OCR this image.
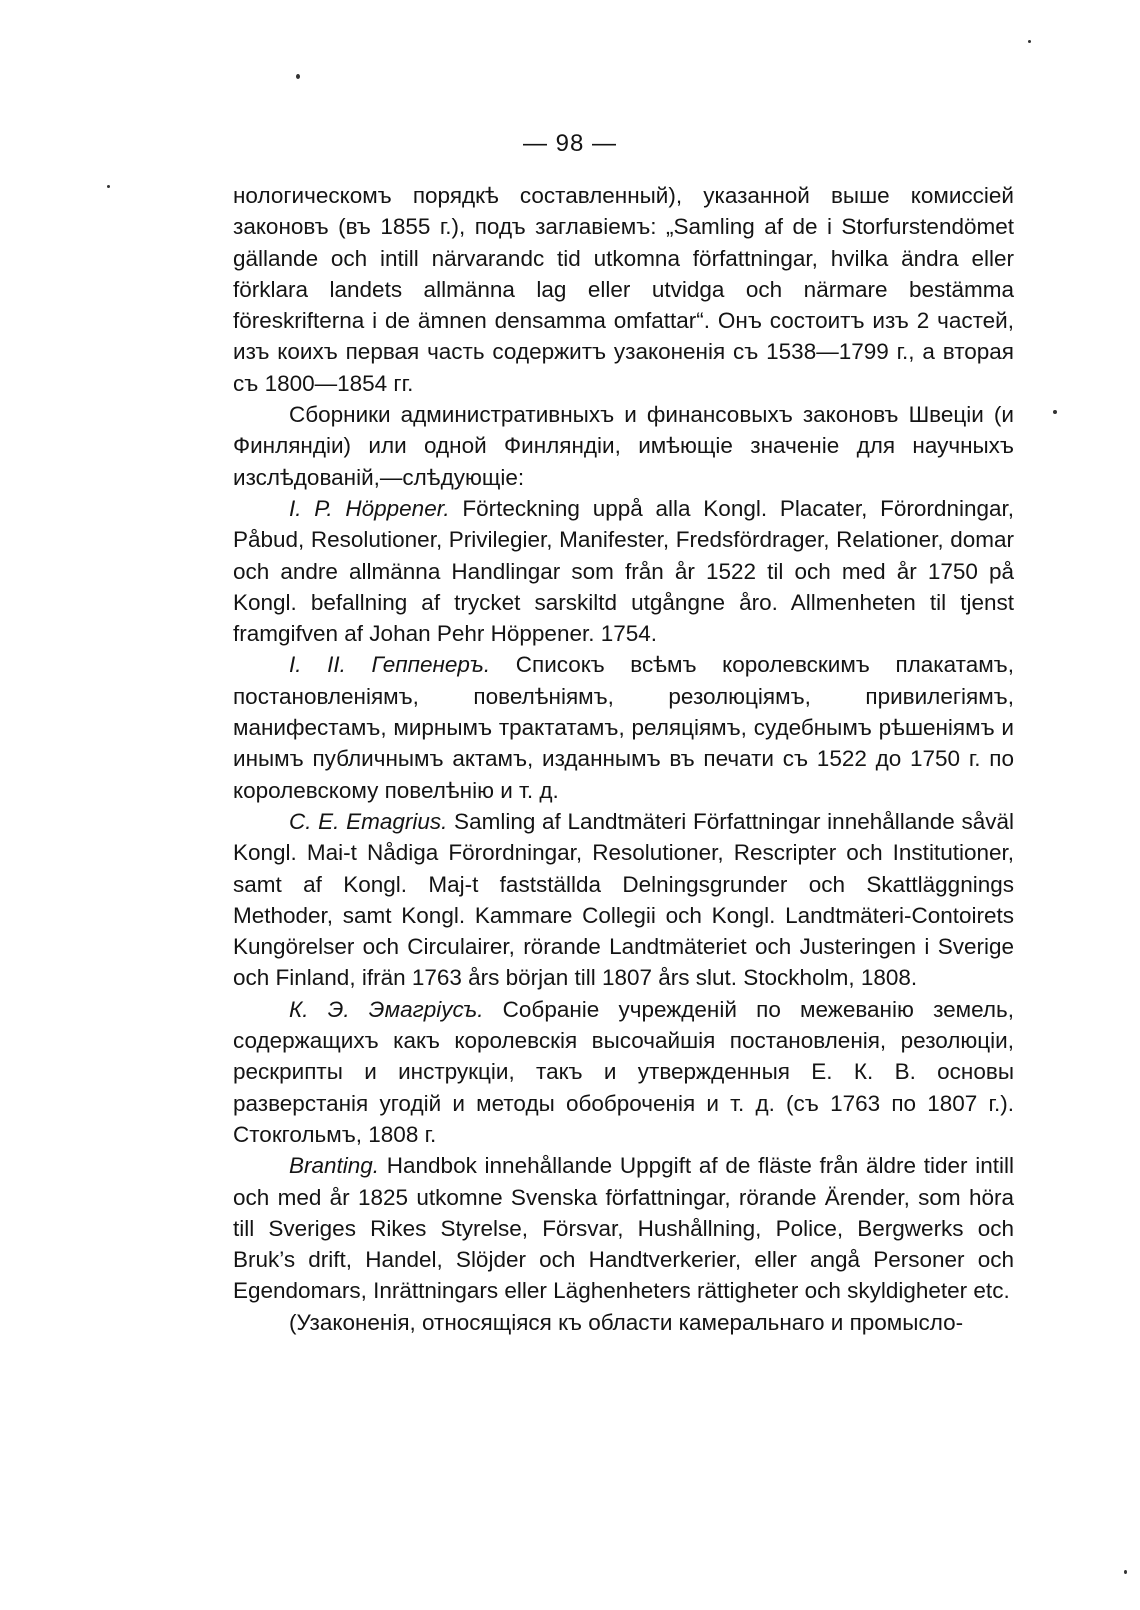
— 98 —

нологическомъ порядкѣ составленный), указанной выше комиссіей законовъ (въ 1855 г.), подъ заглавіемъ: „Samling af de i Storfurstendömet gällande och intill närvarandc tid utkomna författningar, hvilka ändra eller förklara landets allmänna lag eller utvidga och närmare bestämma föreskrifterna i de ämnen densamma omfattar“. Онъ состоитъ изъ 2 частей, изъ коихъ первая часть содержитъ узаконенія съ 1538—1799 г., а вторая съ 1800—1854 гг.

Сборники административныхъ и финансовыхъ законовъ Швеціи (и Финляндіи) или одной Финляндіи, имѣющіе значеніе для научныхъ изслѣдованій,—слѣдующіе:

I. P. Höppener. Förteckning uppå alla Kongl. Placater, Förordningar, Påbud, Resolutioner, Privilegier, Manifester, Fredsfördrager, Relationer, domar och andre allmänna Handlingar som från år 1522 til och med år 1750 på Kongl. befallning af trycket sarskiltd utgångne åro. Allmenheten til tjenst framgifven af Johan Pehr Höppener. 1754.

I. II. Геппенеръ. Списокъ всѣмъ королевскимъ плакатамъ, постановленіямъ, повелѣніямъ, резолюціямъ, привилегіямъ, манифестамъ, мирнымъ трактатамъ, реляціямъ, судебнымъ рѣшеніямъ и инымъ публичнымъ актамъ, изданнымъ въ печати съ 1522 до 1750 г. по королевскому повелѣнію и т. д.

C. E. Emagrius. Samling af Landtmäteri Författningar innehållande såväl Kongl. Mai-t Nådiga Förordningar, Resolutioner, Rescripter och Institutioner, samt af Kongl. Maj-t fastställda Delningsgrunder och Skattläggnings Methoder, samt Kongl. Kammare Collegii och Kongl. Landtmäteri-Contoirets Kungörelser och Circulairer, rörande Landtmäteriet och Justeringen i Sverige och Finland, ifrän 1763 års början till 1807 års slut. Stockholm, 1808.

К. Э. Эмагріусъ. Собраніе учрежденій по межеванію земель, содержащихъ какъ королевскія высочайшія постановленія, резолюціи, рескрипты и инструкціи, такъ и утвержденныя Е. К. В. основы разверстанія угодій и методы обоброченія и т. д. (съ 1763 по 1807 г.). Стокгольмъ, 1808 г.

Branting. Handbok innehållande Uppgift af de fläste från äldre tider intill och med år 1825 utkomne Svenska författningar, rörande Ärender, som höra till Sveriges Rikes Styrelse, Försvar, Hushållning, Police, Bergwerks och Bruk’s drift, Handel, Slöjder och Handtverkerier, eller angå Personer och Egendomars, Inrättningars eller Läghenheters rättigheter och skyldigheter etc.

(Узаконенія, относящіяся къ области камеральнаго и промысло-
